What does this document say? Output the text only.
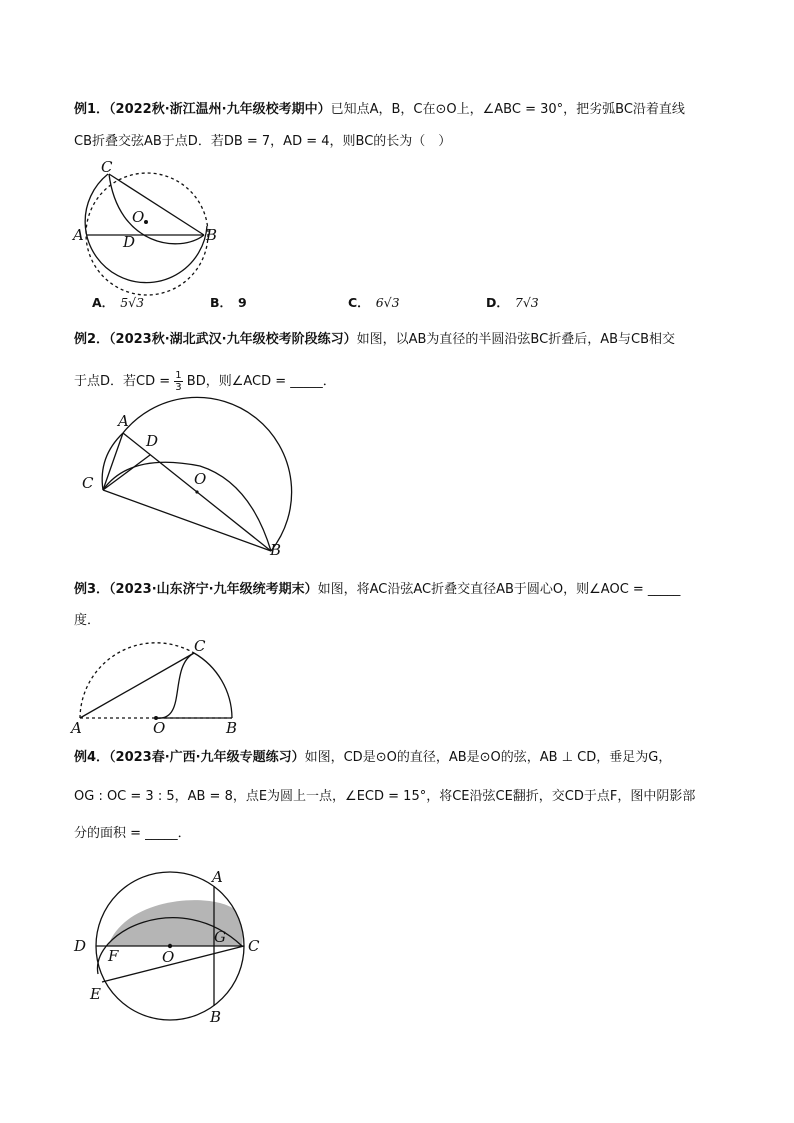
例1．（2022秋·浙江温州·九年级校考期中）已知点A，B，C在⊙O上，∠ABC = 30°，把劣弧BC沿着直线
CB折叠交弦AB于点D．若DB = 7，AD = 4，则BC的长为（　）
C
O
A	D	B
A． 5√3	B． 9	C． 6√3	D． 7√3
例2．（2023秋·湖北武汉·九年级校考阶段练习）如图，以AB为直径的半圆沿弦BC折叠后，AB与CB相交
于点D．若CD = $\frac{1}{3}$ BD，则∠ACD = _____．
A
D
O
C
B
例3．（2023·山东济宁·九年级统考期末）如图，将AC沿弦AC折叠交直径AB于圆心O，则∠AOC = _____
度．
C
A	O	B
例4．（2023春·广西·九年级专题练习）如图，CD是⊙O的直径，AB是⊙O的弦，AB ⊥ CD，垂足为G，
OG : OC = 3 : 5，AB = 8，点E为圆上一点，∠ECD = 15°，将CE沿弦CE翻折，交CD于点F，图中阴影部
分的面积 = _____．
A
D	G C
F	O
E
B
